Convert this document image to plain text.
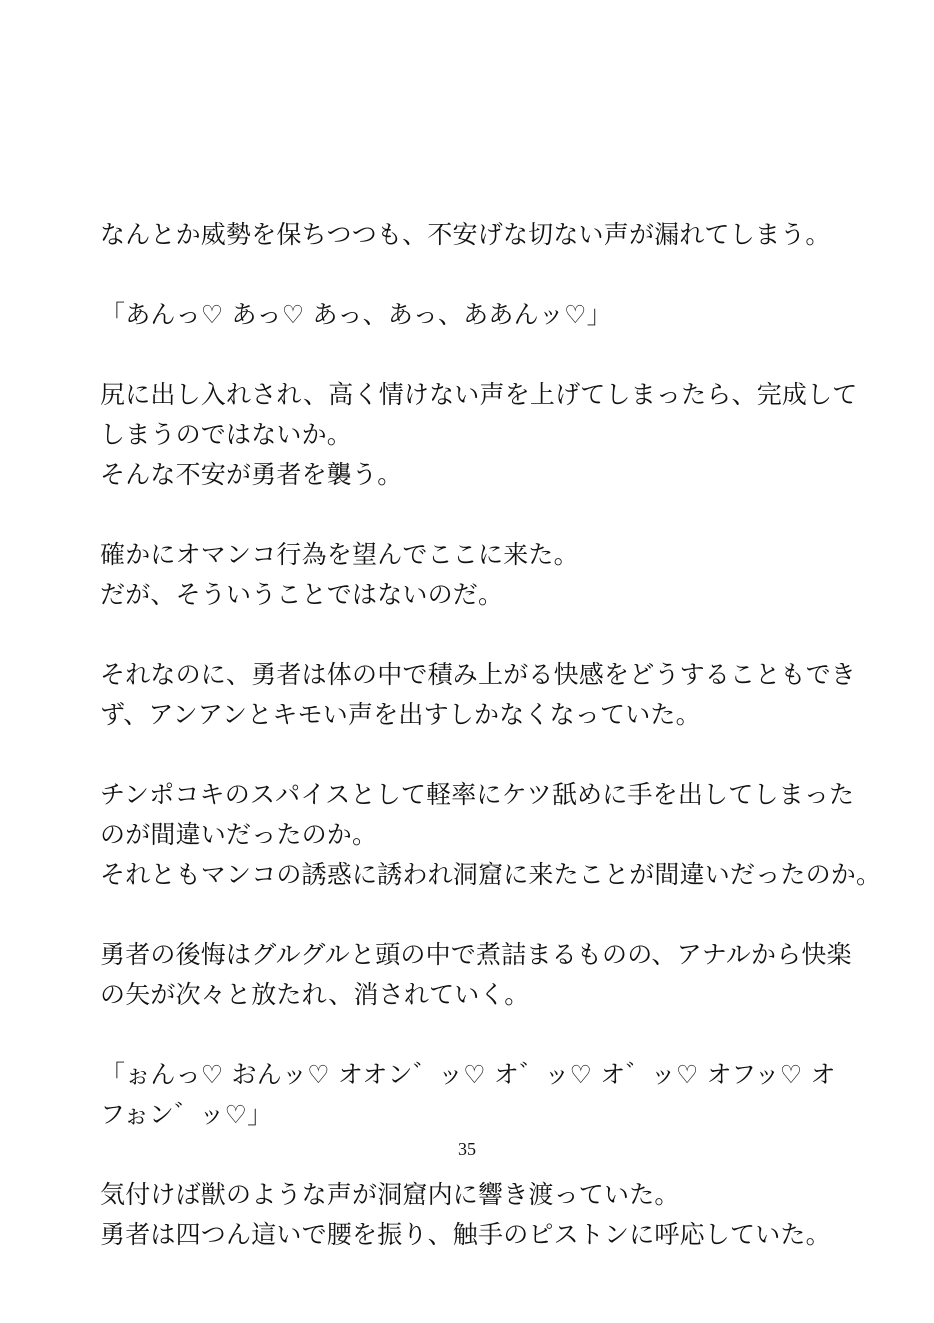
なんとか威勢を保ちつつも、不安げな切ない声が漏れてしまう。
「あんっ♡ あっ♡ あっ、あっ、ああんッ♡」
尻に出し入れされ、高く情けない声を上げてしまったら、完成して
しまうのではないか。
そんな不安が勇者を襲う。
確かにオマンコ行為を望んでここに来た。
だが、そういうことではないのだ。
それなのに、勇者は体の中で積み上がる快感をどうすることもでき
ず、アンアンとキモい声を出すしかなくなっていた。
チンポコキのスパイスとして軽率にケツ舐めに手を出してしまった
のが間違いだったのか。
それともマンコの誘惑に誘われ洞窟に来たことが間違いだったのか。
勇者の後悔はグルグルと頭の中で煮詰まるものの、アナルから快楽
の矢が次々と放たれ、消されていく。
「ぉんっ♡ おんッ♡ オオン゛ッ♡ オ゛ッ♡ オ゛ッ♡ オフッ♡ オ
フぉン゛ッ♡」
気付けば獣のような声が洞窟内に響き渡っていた。
勇者は四つん這いで腰を振り、触手のピストンに呼応していた。
35
